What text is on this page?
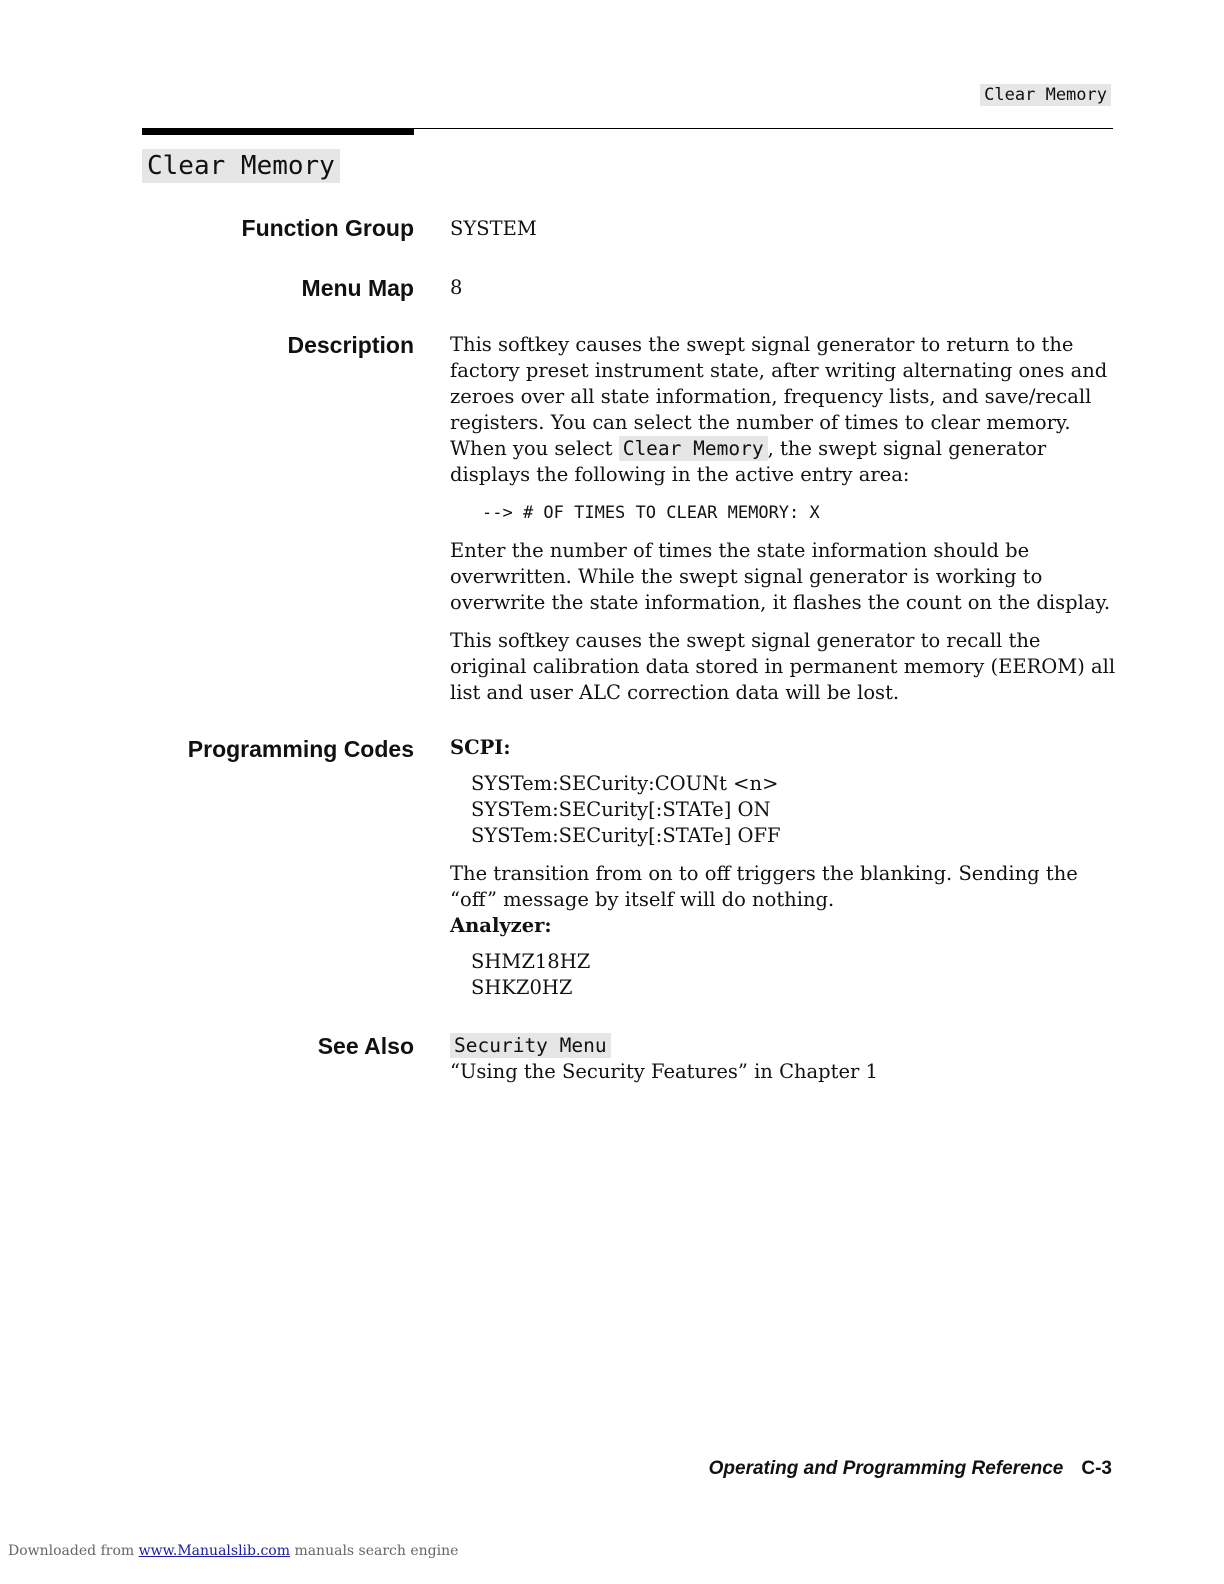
Clear Memory
Clear Memory
Function Group SYSTEM
Menu Map 8
Description This softkey causes the swept signal generator to return to the factory preset instrument state, after writing alternating ones and zeroes over all state information, frequency lists, and save/recall registers. You can select the number of times to clear memory. When you select Clear Memory , the swept signal generator displays the following in the active entry area:

--> # OF TIMES TO CLEAR MEMORY: X

Enter the number of times the state information should be overwritten. While the swept signal generator is working to overwrite the state information, it flashes the count on the display.

This softkey causes the swept signal generator to recall the original calibration data stored in permanent memory (EEROM) all list and user ALC correction data will be lost.

Programming Codes SCPI:
SYSTem:SECurity:COUNt <n>
SYSTem:SECurity[:STATe] ON
SYSTem:SECurity[:STATe] OFF
The transition from on to off triggers the blanking. Sending the “off” message by itself will do nothing.
Analyzer:
SHMZ18HZ
SHKZ0HZ
See Also Security Menu
“Using the Security Features” in Chapter 1
Operating and Programming Reference C-3
Downloaded from www.Manualslib.com manuals search engine
